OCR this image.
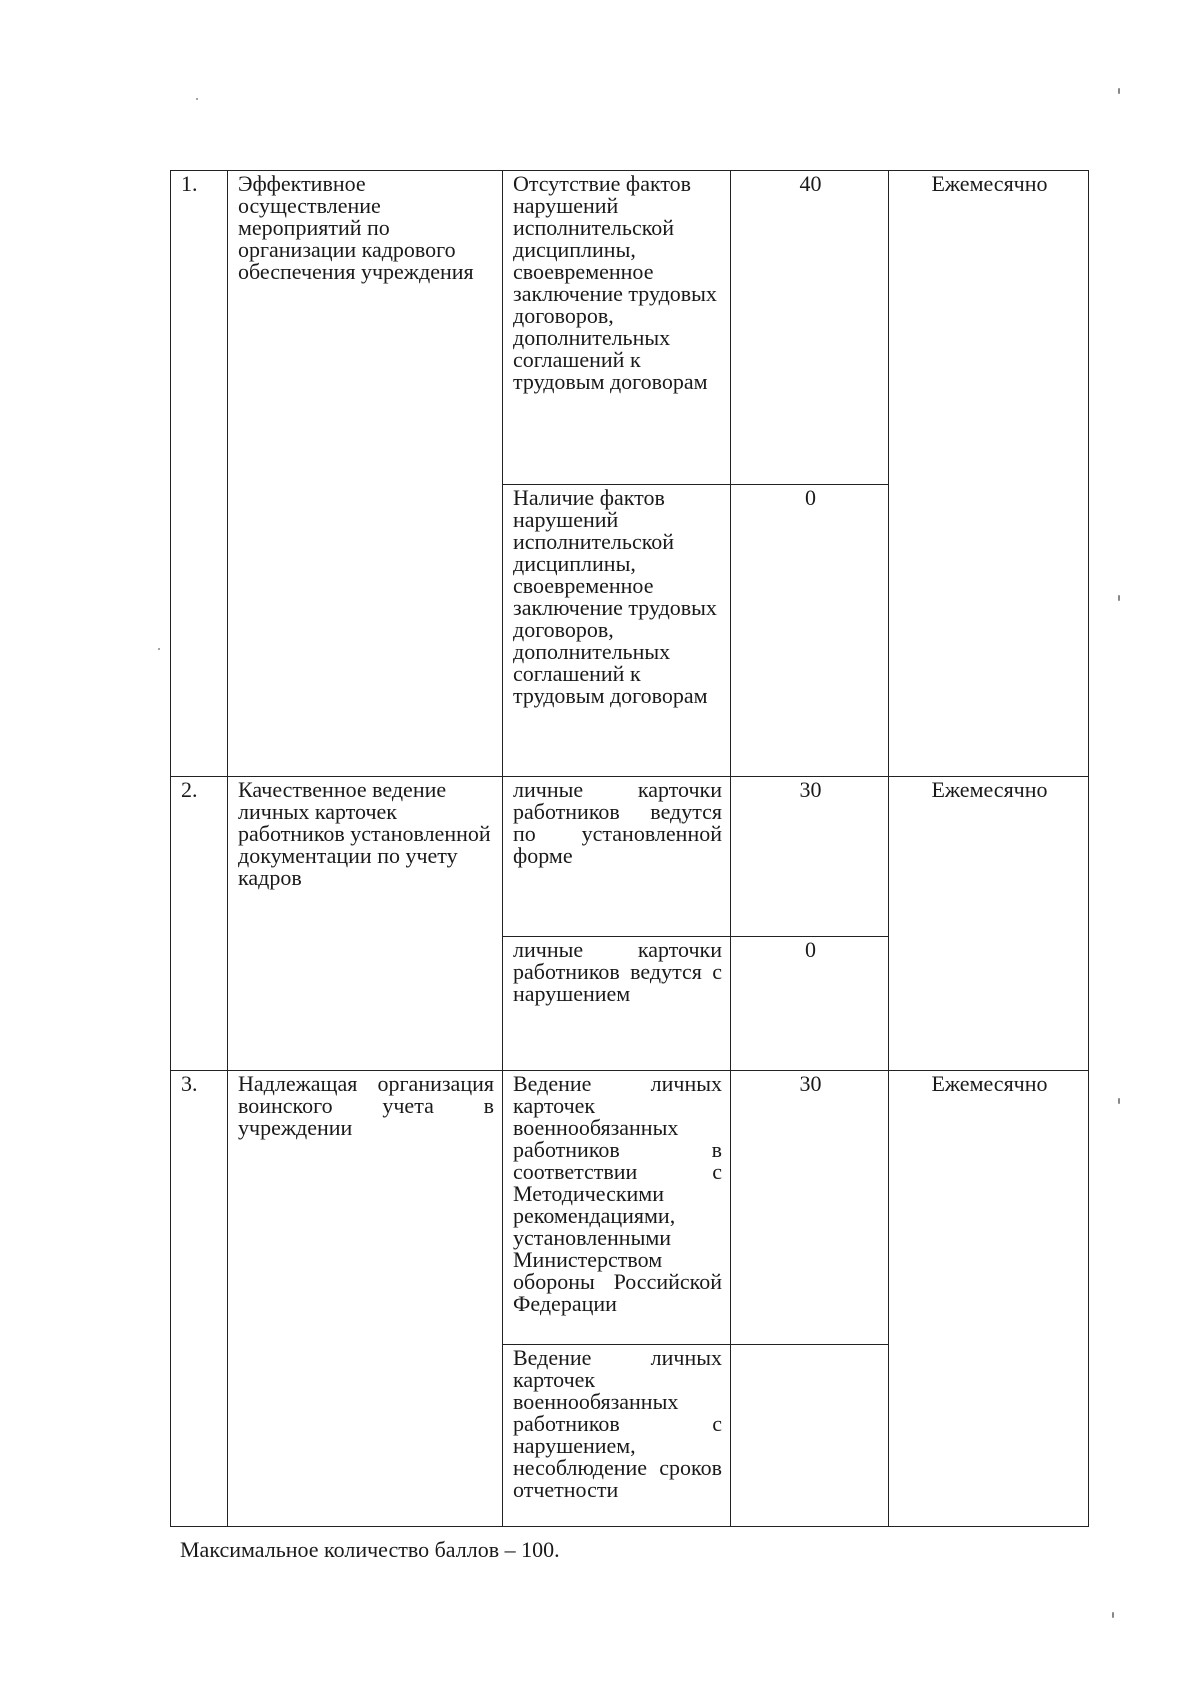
1.	Эффективное осуществление мероприятий по организации кадрового обеспечения учреждения	Отсутствие фактов нарушений исполнительской дисциплины, своевременное заключение трудовых договоров, дополнительных соглашений к трудовым договорам	40	Ежемесячно
		Наличие фактов нарушений исполнительской дисциплины, своевременное заключение трудовых договоров, дополнительных соглашений к трудовым договорам	0	
2.	Качественное ведение личных карточек работников установленной документации по учету кадров	личные карточки работников ведутся по установленной форме	30	Ежемесячно
		личные карточки работников ведутся с нарушением	0	
3.	Надлежащая организация воинского учета в учреждении	Ведение личных карточек военнообязанных работников в соответствии с Методическими рекомендациями, установленными Министерством обороны Российской Федерации	30	Ежемесячно
		Ведение личных карточек военнообязанных работников с нарушением, несоблюдение сроков отчетности		
Максимальное количество баллов – 100.
